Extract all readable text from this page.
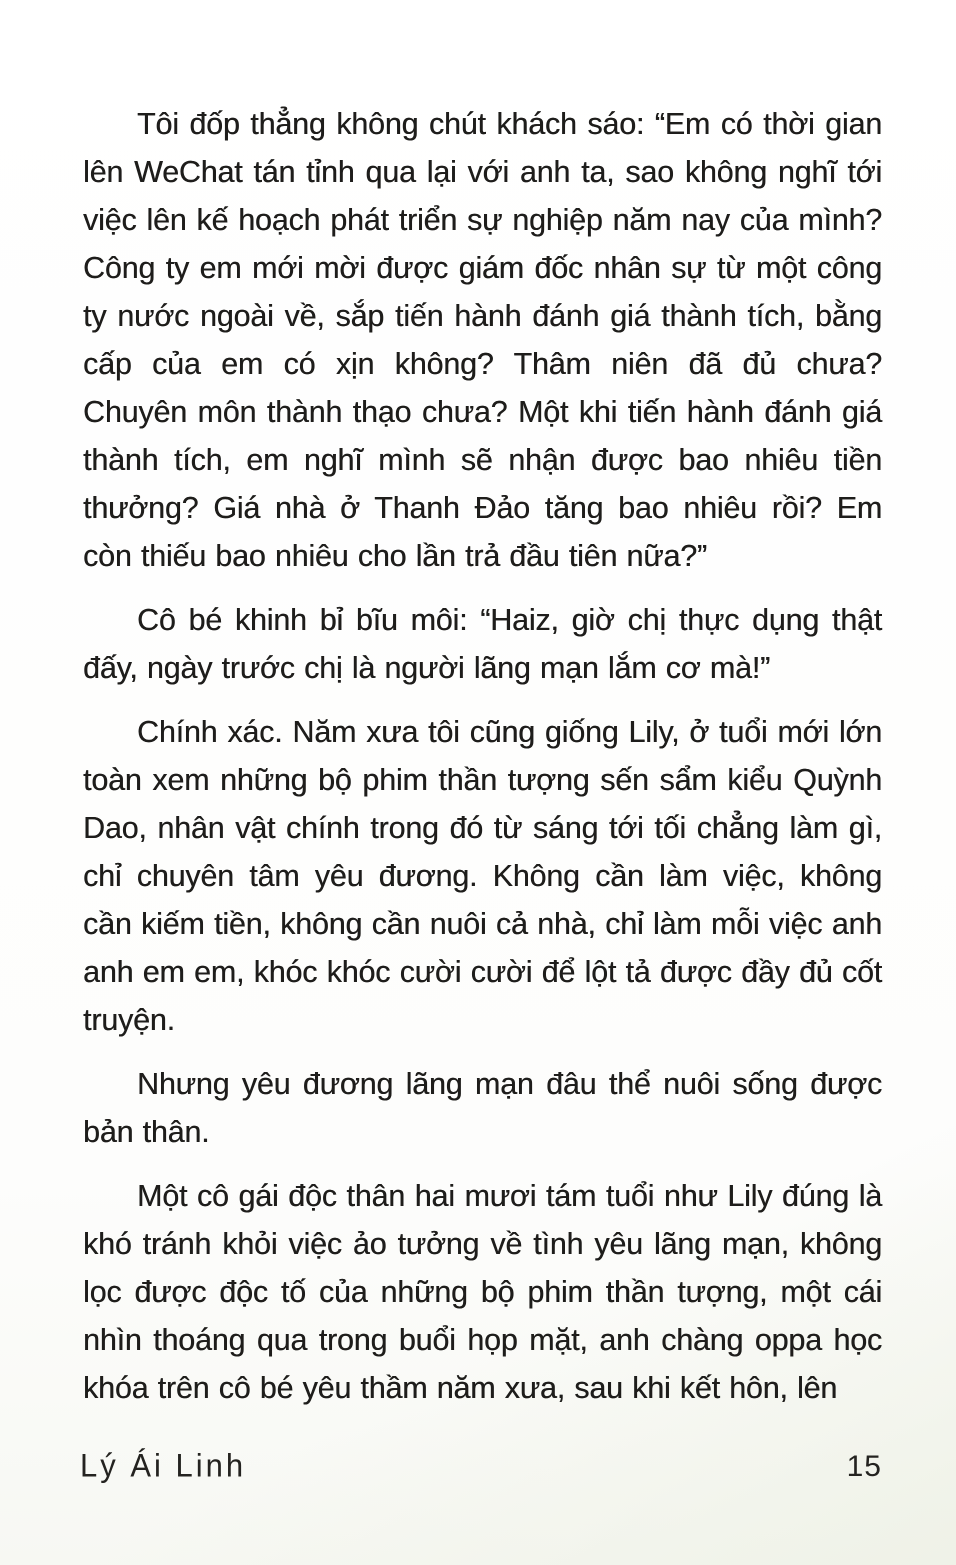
Tôi đốp thẳng không chút khách sáo: “Em có thời gian lên WeChat tán tỉnh qua lại với anh ta, sao không nghĩ tới việc lên kế hoạch phát triển sự nghiệp năm nay của mình? Công ty em mới mời được giám đốc nhân sự từ một công ty nước ngoài về, sắp tiến hành đánh giá thành tích, bằng cấp của em có xịn không? Thâm niên đã đủ chưa? Chuyên môn thành thạo chưa? Một khi tiến hành đánh giá thành tích, em nghĩ mình sẽ nhận được bao nhiêu tiền thưởng? Giá nhà ở Thanh Đảo tăng bao nhiêu rồi? Em còn thiếu bao nhiêu cho lần trả đầu tiên nữa?”

Cô bé khinh bỉ bĩu môi: “Haiz, giờ chị thực dụng thật đấy, ngày trước chị là người lãng mạn lắm cơ mà!”

Chính xác. Năm xưa tôi cũng giống Lily, ở tuổi mới lớn toàn xem những bộ phim thần tượng sến sẩm kiểu Quỳnh Dao, nhân vật chính trong đó từ sáng tới tối chẳng làm gì, chỉ chuyên tâm yêu đương. Không cần làm việc, không cần kiếm tiền, không cần nuôi cả nhà, chỉ làm mỗi việc anh anh em em, khóc khóc cười cười để lột tả được đầy đủ cốt truyện.

Nhưng yêu đương lãng mạn đâu thể nuôi sống được bản thân.

Một cô gái độc thân hai mươi tám tuổi như Lily đúng là khó tránh khỏi việc ảo tưởng về tình yêu lãng mạn, không lọc được độc tố của những bộ phim thần tượng, một cái nhìn thoáng qua trong buổi họp mặt, anh chàng oppa học khóa trên cô bé yêu thầm năm xưa, sau khi kết hôn, lên

Lý Ái Linh	15
